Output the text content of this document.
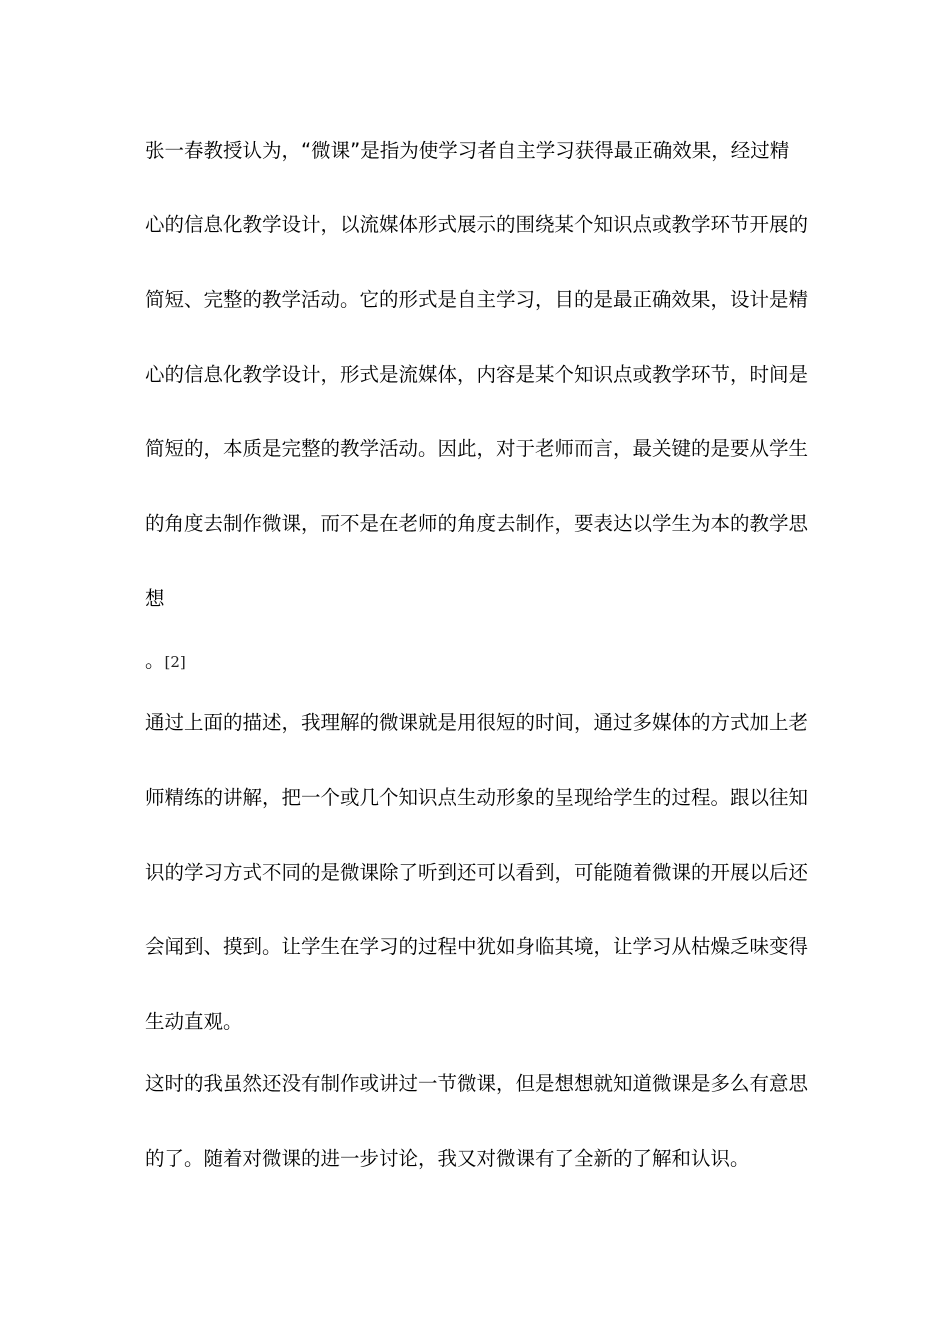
张一春教授认为，“微课”是指为使学习者自主学习获得最正确效果，经过精
心的信息化教学设计，以流媒体形式展示的围绕某个知识点或教学环节开展的
简短、完整的教学活动。它的形式是自主学习，目的是最正确效果，设计是精
心的信息化教学设计，形式是流媒体，内容是某个知识点或教学环节，时间是
简短的，本质是完整的教学活动。因此，对于老师而言，最关键的是要从学生
的角度去制作微课，而不是在老师的角度去制作，要表达以学生为本的教学思
想
。[2]
通过上面的描述，我理解的微课就是用很短的时间，通过多媒体的方式加上老
师精练的讲解，把一个或几个知识点生动形象的呈现给学生的过程。跟以往知
识的学习方式不同的是微课除了听到还可以看到，可能随着微课的开展以后还
会闻到、摸到。让学生在学习的过程中犹如身临其境，让学习从枯燥乏味变得
生动直观。
这时的我虽然还没有制作或讲过一节微课，但是想想就知道微课是多么有意思
的了。随着对微课的进一步讨论，我又对微课有了全新的了解和认识。
